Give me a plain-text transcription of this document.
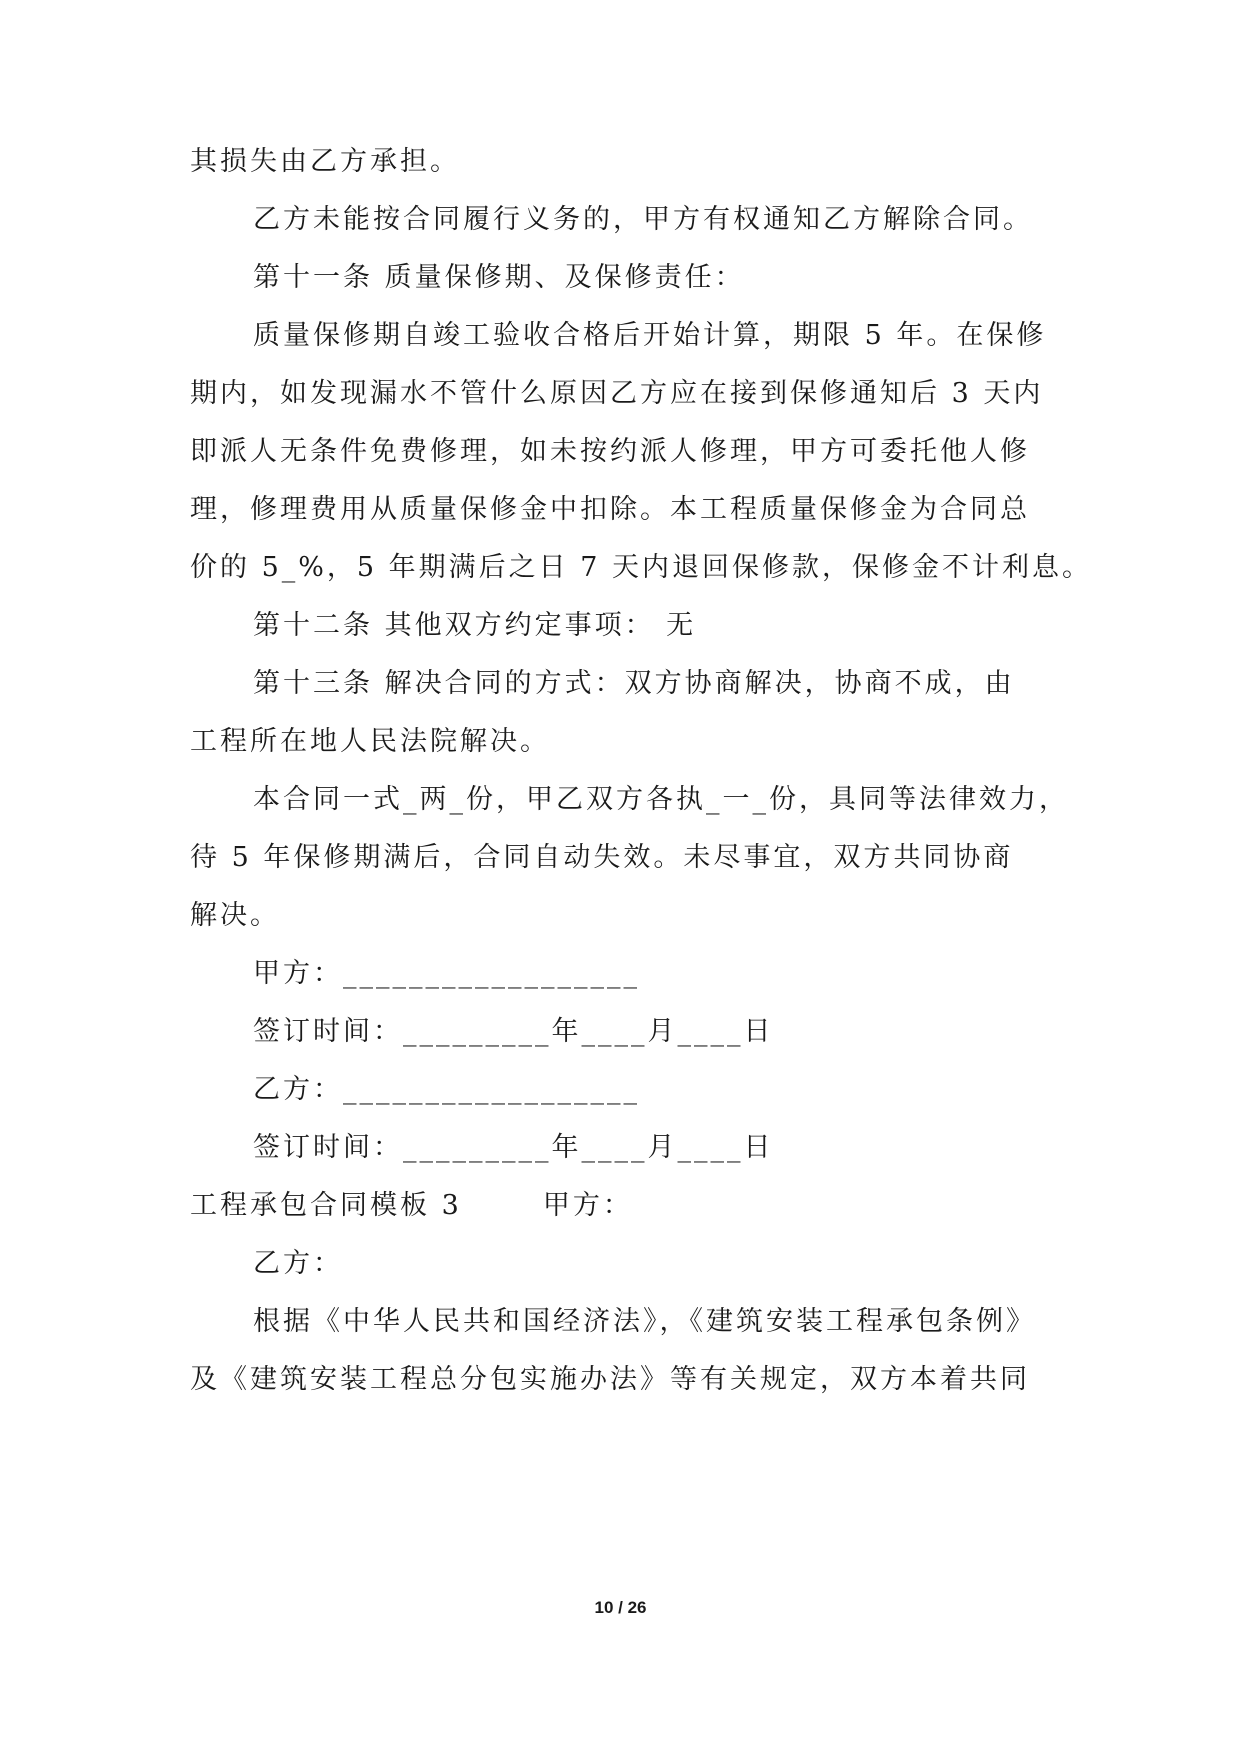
其损失由乙方承担。
乙方未能按合同履行义务的，甲方有权通知乙方解除合同。
第十一条 质量保修期、及保修责任：
质量保修期自竣工验收合格后开始计算，期限 5 年。在保修
期内，如发现漏水不管什么原因乙方应在接到保修通知后 3 天内
即派人无条件免费修理，如未按约派人修理，甲方可委托他人修
理，修理费用从质量保修金中扣除。本工程质量保修金为合同总
价的 5_%，5 年期满后之日 7 天内退回保修款，保修金不计利息。
第十二条 其他双方约定事项： 无
第十三条 解决合同的方式：双方协商解决，协商不成，由
工程所在地人民法院解决。
本合同一式_两_份，甲乙双方各执_一_份，具同等法律效力，
待 5 年保修期满后，合同自动失效。未尽事宜，双方共同协商
解决。
甲方：__________________
签订时间：_________年____月____日
乙方：__________________
签订时间：_________年____月____日
工程承包合同模板 3       甲方：
乙方：
根据《中华人民共和国经济法》，《建筑安装工程承包条例》
及《建筑安装工程总分包实施办法》等有关规定，双方本着共同
10 / 26
